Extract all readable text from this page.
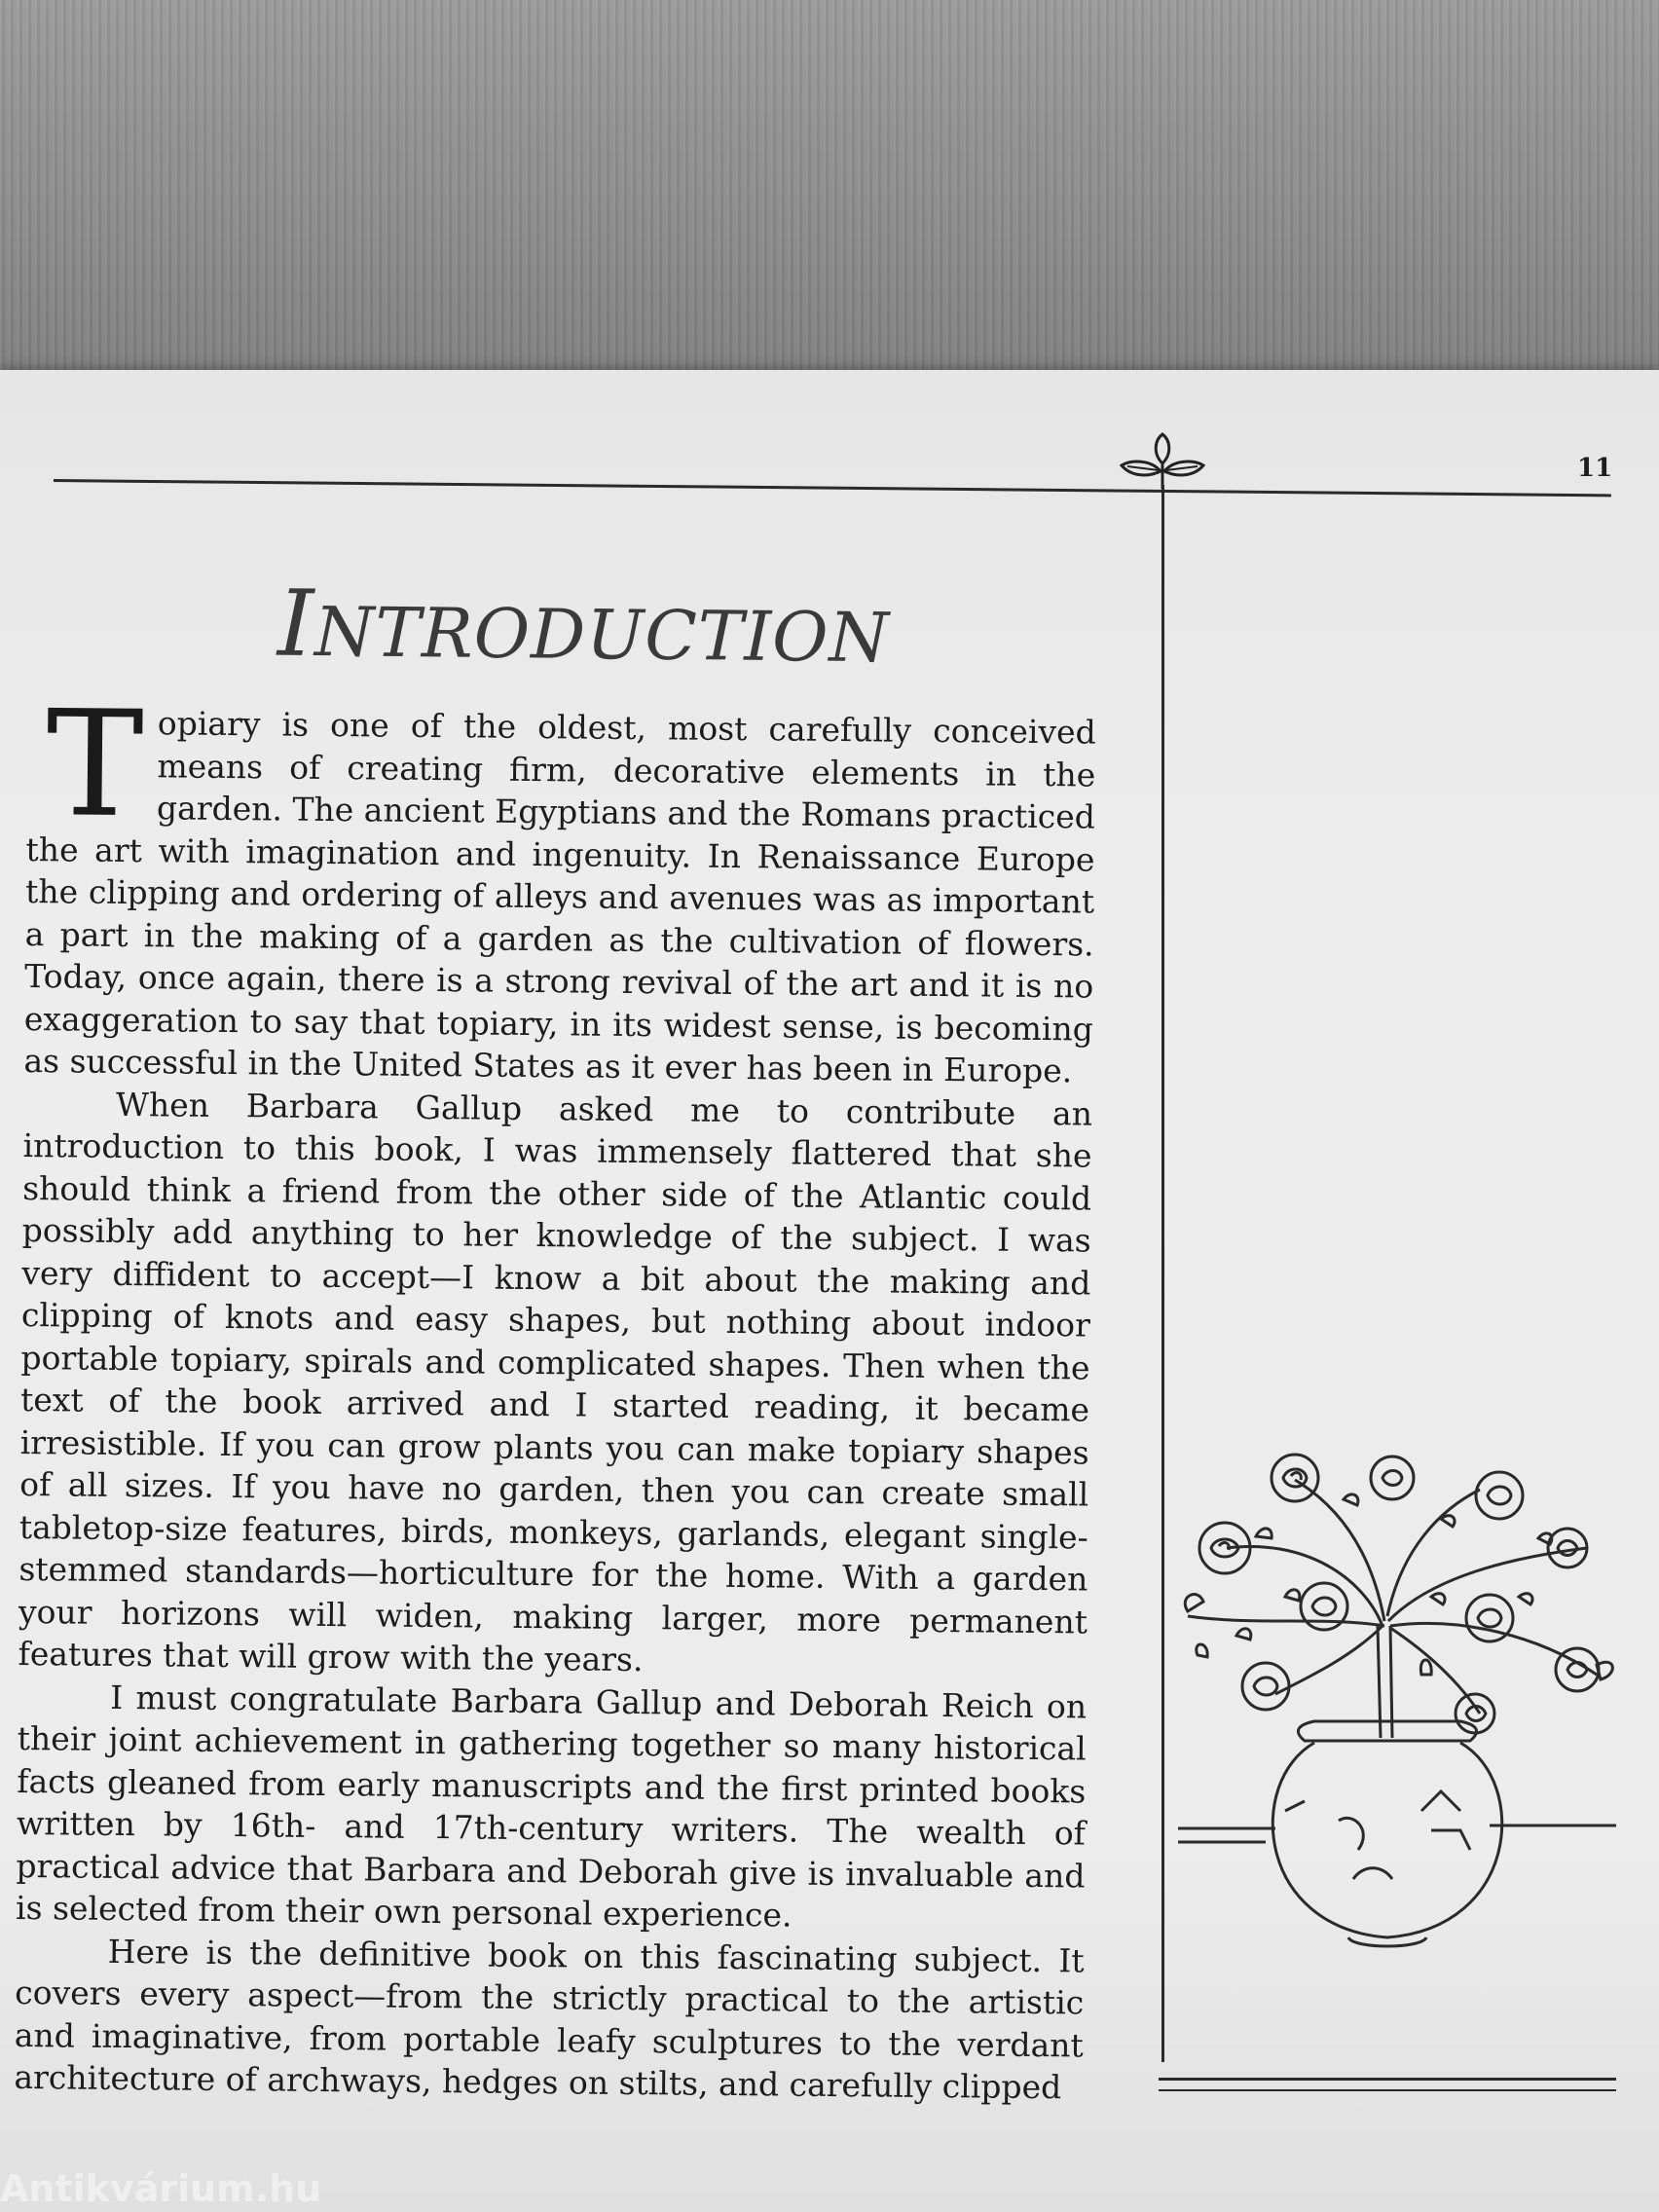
11
INTRODUCTION

Topiary is one of the oldest, most carefully conceived means of creating firm, decorative elements in the garden. The ancient Egyptians and the Romans practiced the art with imagination and ingenuity. In Renaissance Europe the clipping and ordering of alleys and avenues was as important a part in the making of a garden as the cultivation of flowers. Today, once again, there is a strong revival of the art and it is no exaggeration to say that topiary, in its widest sense, is becoming as successful in the United States as it ever has been in Europe.

When Barbara Gallup asked me to contribute an introduction to this book, I was immensely flattered that she should think a friend from the other side of the Atlantic could possibly add anything to her knowledge of the subject. I was very diffident to accept—I know a bit about the making and clipping of knots and easy shapes, but nothing about indoor portable topiary, spirals and complicated shapes. Then when the text of the book arrived and I started reading, it became irresistible. If you can grow plants you can make topiary shapes of all sizes. If you have no garden, then you can create small tabletop-size features, birds, monkeys, garlands, elegant single-stemmed standards—horticulture for the home. With a garden your horizons will widen, making larger, more permanent features that will grow with the years.

I must congratulate Barbara Gallup and Deborah Reich on their joint achievement in gathering together so many historical facts gleaned from early manuscripts and the first printed books written by 16th- and 17th-century writers. The wealth of practical advice that Barbara and Deborah give is invaluable and is selected from their own personal experience.

Here is the definitive book on this fascinating subject. It covers every aspect—from the strictly practical to the artistic and imaginative, from portable leafy sculptures to the verdant architecture of archways, hedges on stilts, and carefully clipped

Antikvárium.hu
